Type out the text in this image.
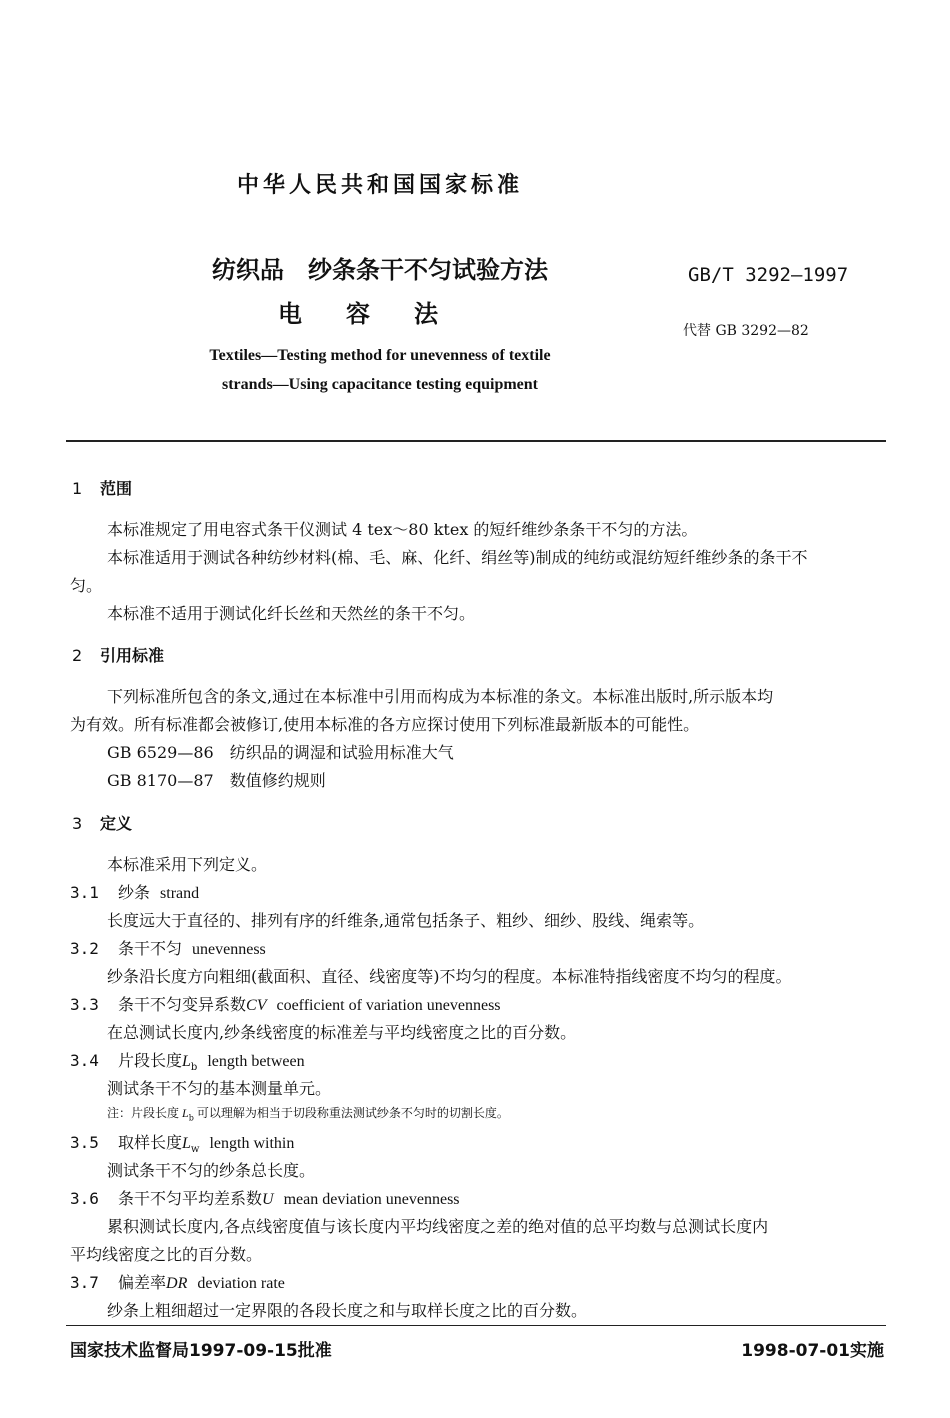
中华人民共和国国家标准
纺织品　纱条条干不匀试验方法
电容法
GB/T 3292—1997
代替 GB 3292—82
Textiles—Testing method for unevenness of textile
strands—Using capacitance testing equipment
1 范围
本标准规定了用电容式条干仪测试 4 tex～80 ktex 的短纤维纱条条干不匀的方法。
本标准适用于测试各种纺纱材料(棉、毛、麻、化纤、绢丝等)制成的纯纺或混纺短纤维纱条的条干不
匀。
本标准不适用于测试化纤长丝和天然丝的条干不匀。
2 引用标准
下列标准所包含的条文,通过在本标准中引用而构成为本标准的条文。本标准出版时,所示版本均
为有效。所有标准都会被修订,使用本标准的各方应探讨使用下列标准最新版本的可能性。
GB 6529—86　纺织品的调湿和试验用标准大气
GB 8170—87　数值修约规则
3 定义
本标准采用下列定义。
3.1 纱条 strand
长度远大于直径的、排列有序的纤维条,通常包括条子、粗纱、细纱、股线、绳索等。
3.2 条干不匀 unevenness
纱条沿长度方向粗细(截面积、直径、线密度等)不均匀的程度。本标准特指线密度不均匀的程度。
3.3 条干不匀变异系数CV coefficient of variation unevenness
在总测试长度内,纱条线密度的标准差与平均线密度之比的百分数。
3.4 片段长度$L_b$ length between
测试条干不匀的基本测量单元。
注：片段长度 $L_b$ 可以理解为相当于切段称重法测试纱条不匀时的切割长度。
3.5 取样长度$L_w$ length within
测试条干不匀的纱条总长度。
3.6 条干不匀平均差系数U mean deviation unevenness
累积测试长度内,各点线密度值与该长度内平均线密度之差的绝对值的总平均数与总测试长度内
平均线密度之比的百分数。
3.7 偏差率DR deviation rate
纱条上粗细超过一定界限的各段长度之和与取样长度之比的百分数。
国家技术监督局1997-09-15批准	1998-07-01实施
